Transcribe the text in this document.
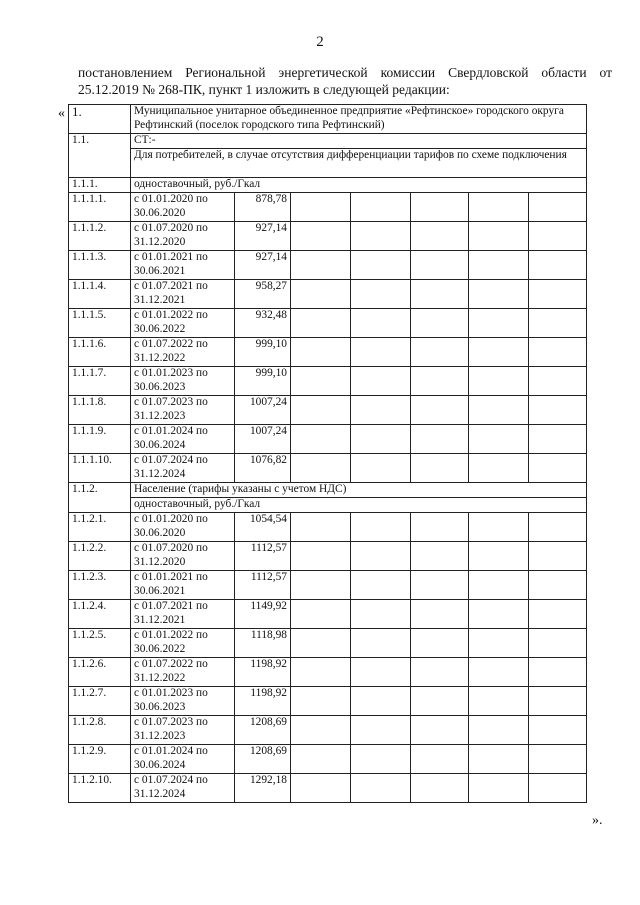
2
постановлением Региональной энергетической комиссии Свердловской области от 25.12.2019 № 268-ПК, пункт 1 изложить в следующей редакции:
«
».
1.	Муниципальное унитарное объединенное предприятие «Рефтинское» городского округа Рефтинский (поселок городского типа Рефтинский)						
1.1.	СТ:-						
	Для потребителей, в случае отсутствия дифференциации тарифов по схеме подключения						
1.1.1.	одноставочный, руб./Гкал						
1.1.1.1.	с 01.01.2020 по
30.06.2020	878,78					
1.1.1.2.	с 01.07.2020 по
31.12.2020	927,14					
1.1.1.3.	с 01.01.2021 по
30.06.2021	927,14					
1.1.1.4.	с 01.07.2021 по
31.12.2021	958,27					
1.1.1.5.	с 01.01.2022 по
30.06.2022	932,48					
1.1.1.6.	с 01.07.2022 по
31.12.2022	999,10					
1.1.1.7.	с 01.01.2023 по
30.06.2023	999,10					
1.1.1.8.	с 01.07.2023 по
31.12.2023	1007,24					
1.1.1.9.	с 01.01.2024 по
30.06.2024	1007,24					
1.1.1.10.	с 01.07.2024 по
31.12.2024	1076,82					
1.1.2.	Население (тарифы указаны с учетом НДС)						
	одноставочный, руб./Гкал						
1.1.2.1.	с 01.01.2020 по
30.06.2020	1054,54					
1.1.2.2.	с 01.07.2020 по
31.12.2020	1112,57					
1.1.2.3.	с 01.01.2021 по
30.06.2021	1112,57					
1.1.2.4.	с 01.07.2021 по
31.12.2021	1149,92					
1.1.2.5.	с 01.01.2022 по
30.06.2022	1118,98					
1.1.2.6.	с 01.07.2022 по
31.12.2022	1198,92					
1.1.2.7.	с 01.01.2023 по
30.06.2023	1198,92					
1.1.2.8.	с 01.07.2023 по
31.12.2023	1208,69					
1.1.2.9.	с 01.01.2024 по
30.06.2024	1208,69					
1.1.2.10.	с 01.07.2024 по
31.12.2024	1292,18					
